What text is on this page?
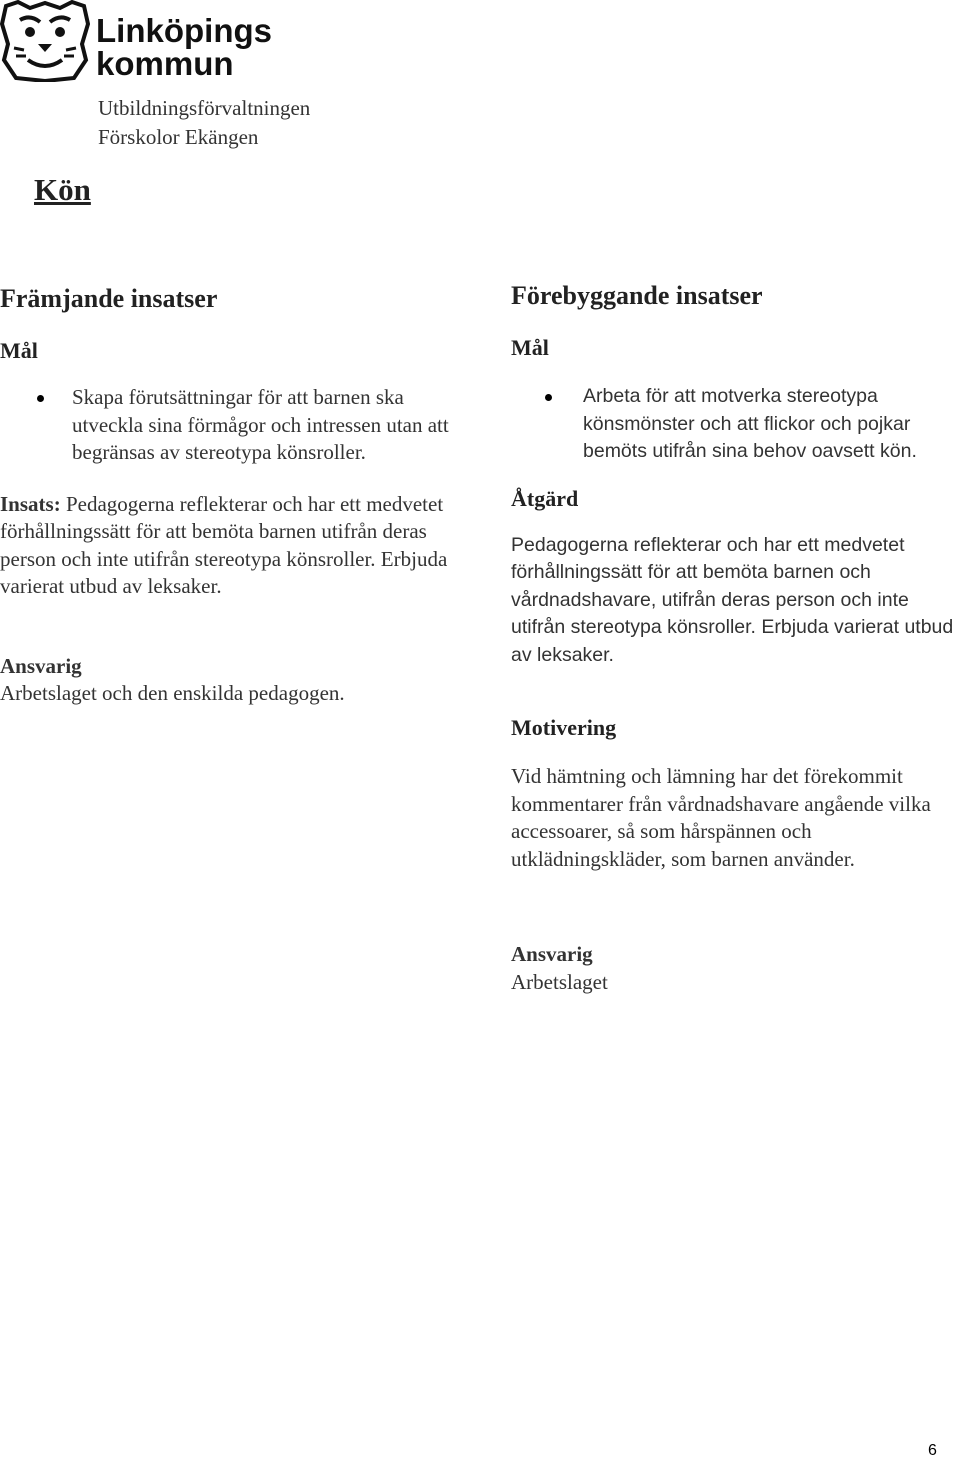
Linköpings
kommun
Utbildningsförvaltningen
Förskolor Ekängen
Kön
Främjande insatser
Mål

Skapa förutsättningar för att barnen ska utveckla sina förmågor och intressen utan att begränsas av stereotypa könsroller.

Insats: Pedagogerna reflekterar och har ett medvetet förhållningssätt för att bemöta barnen utifrån deras person och inte utifrån stereotypa könsroller. Erbjuda varierat utbud av leksaker.

Ansvarig

Arbetslaget och den enskilda pedagogen.

Förebyggande insatser
Mål

Arbeta för att motverka stereotypa könsmönster och att flickor och pojkar bemöts utifrån sina behov oavsett kön.

Åtgärd

Pedagogerna reflekterar och har ett medvetet förhållningssätt för att bemöta barnen och vårdnadshavare, utifrån deras person och inte utifrån stereotypa könsroller. Erbjuda varierat utbud av leksaker.

Motivering

Vid hämtning och lämning har det förekommit kommentarer från vårdnadshavare angående vilka accessoarer, så som hårspännen och utklädningskläder, som barnen använder.

Ansvarig

Arbetslaget

6
